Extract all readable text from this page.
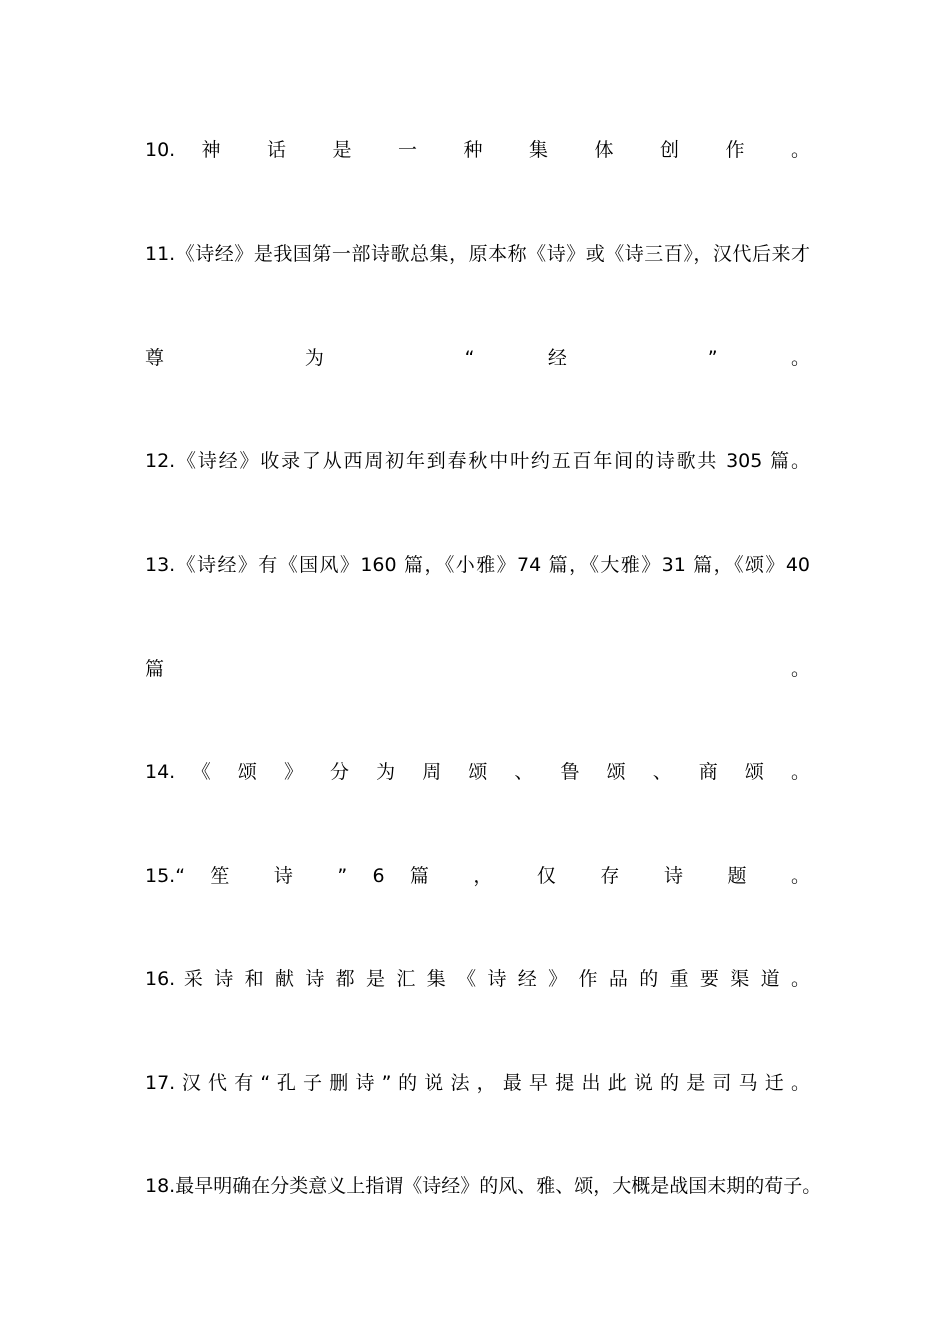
10. 神 话 是 一 种 集 体 创 作 。
11.《诗经》是我国第一部诗歌总集，原本称《诗》或《诗三百》，汉代后来才
尊 为 “ 经 ” 。
12.《诗经》收录了从西周初年到春秋中叶约五百年间的诗歌共 305 篇。
13.《诗经》有《国风》160 篇，《小雅》74 篇，《大雅》31 篇，《颂》40
篇 。
14. 《 颂 》 分 为 周 颂 、 鲁 颂 、 商 颂 。
15.“ 笙 诗 ” 6 篇 ， 仅 存 诗 题 。
16. 采 诗 和 献 诗 都 是 汇 集 《 诗 经 》 作 品 的 重 要 渠 道 。
17. 汉 代 有 “ 孔 子 删 诗 ” 的 说 法 ， 最 早 提 出 此 说 的 是 司 马 迁 。
18.最早明确在分类意义上指谓《诗经》的风、雅、颂，大概是战国末期的荀子。
